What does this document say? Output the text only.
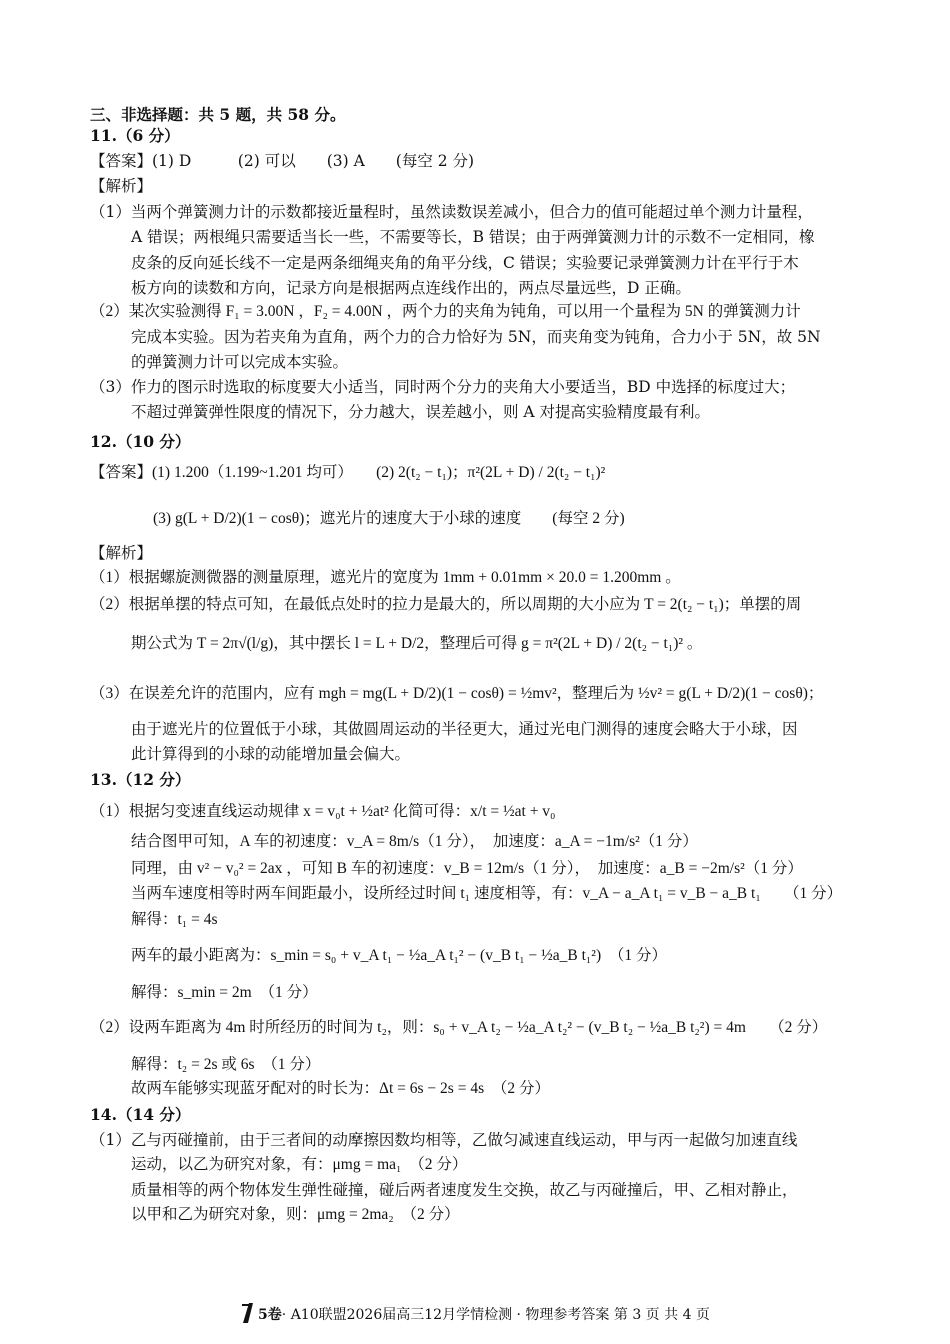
三、非选择题：共 5 题，共 58 分。
11.（6 分）
【答案】(1) D　　　(2) 可以　　(3) A　　(每空 2 分)
【解析】
（1）当两个弹簧测力计的示数都接近量程时，虽然读数误差减小，但合力的值可能超过单个测力计量程，
A 错误；两根绳只需要适当长一些，不需要等长，B 错误；由于两弹簧测力计的示数不一定相同，橡
皮条的反向延长线不一定是两条细绳夹角的角平分线，C 错误；实验要记录弹簧测力计在平行于木
板方向的读数和方向，记录方向是根据两点连线作出的，两点尽量远些，D 正确。
（2）某次实验测得 F₁ = 3.00N ，F₂ = 4.00N ，两个力的夹角为钝角，可以用一个量程为 5N 的弹簧测力计
完成本实验。因为若夹角为直角，两个力的合力恰好为 5N，而夹角变为钝角，合力小于 5N，故 5N
的弹簧测力计可以完成本实验。
（3）作力的图示时选取的标度要大小适当，同时两个分力的夹角大小要适当，BD 中选择的标度过大；
不超过弹簧弹性限度的情况下，分力越大，误差越小，则 A 对提高实验精度最有利。
12.（10 分）
【答案】(1) 1.200（1.199~1.201 均可）　　(2) 2(t₂ − t₁)；π²(2L + D) / 2(t₂ − t₁)²
(3) g(L + D/2)(1 − cosθ)；遮光片的速度大于小球的速度　　(每空 2 分)
【解析】
（1）根据螺旋测微器的测量原理，遮光片的宽度为 1mm + 0.01mm × 20.0 = 1.200mm 。
（2）根据单摆的特点可知，在最低点处时的拉力是最大的，所以周期的大小应为 T = 2(t₂ − t₁)；单摆的周
期公式为 T = 2π√(l/g)，其中摆长 l = L + D/2，整理后可得 g = π²(2L + D) / 2(t₂ − t₁)² 。
（3）在误差允许的范围内，应有 mgh = mg(L + D/2)(1 − cosθ) = ½mv²，整理后为 ½v² = g(L + D/2)(1 − cosθ)；
由于遮光片的位置低于小球，其做圆周运动的半径更大，通过光电门测得的速度会略大于小球，因
此计算得到的小球的动能增加量会偏大。
13.（12 分）
（1）根据匀变速直线运动规律 x = v₀t + ½at² 化简可得：x/t = ½at + v₀
结合图甲可知，A 车的初速度：v_A = 8m/s（1 分），　加速度：a_A = −1m/s²（1 分）
同理，由 v² − v₀² = 2ax ，可知 B 车的初速度：v_B = 12m/s（1 分），　加速度：a_B = −2m/s²（1 分）
当两车速度相等时两车间距最小，设所经过时间 t₁ 速度相等，有：v_A − a_A t₁ = v_B − a_B t₁　　（1 分）
解得：t₁ = 4s
两车的最小距离为：s_min = s₀ + v_A t₁ − ½a_A t₁² − (v_B t₁ − ½a_B t₁²)　（1 分）
解得：s_min = 2m　（1 分）
（2）设两车距离为 4m 时所经历的时间为 t₂，则：s₀ + v_A t₂ − ½a_A t₂² − (v_B t₂ − ½a_B t₂²) = 4m　　（2 分）
解得：t₂ = 2s 或 6s　（1 分）
故两车能够实现蓝牙配对的时长为：Δt = 6s − 2s = 4s　（2 分）
14.（14 分）
（1）乙与丙碰撞前，由于三者间的动摩擦因数均相等，乙做匀减速直线运动，甲与丙一起做匀加速直线
运动，以乙为研究对象，有：μmg = ma₁　（2 分）
质量相等的两个物体发生弹性碰撞，碰后两者速度发生交换，故乙与丙碰撞后，甲、乙相对静止，
以甲和乙为研究对象，则：μmg = 2ma₂　（2 分）
5卷· A10联盟2026届高三12月学情检测 · 物理参考答案 第 3 页 共 4 页
